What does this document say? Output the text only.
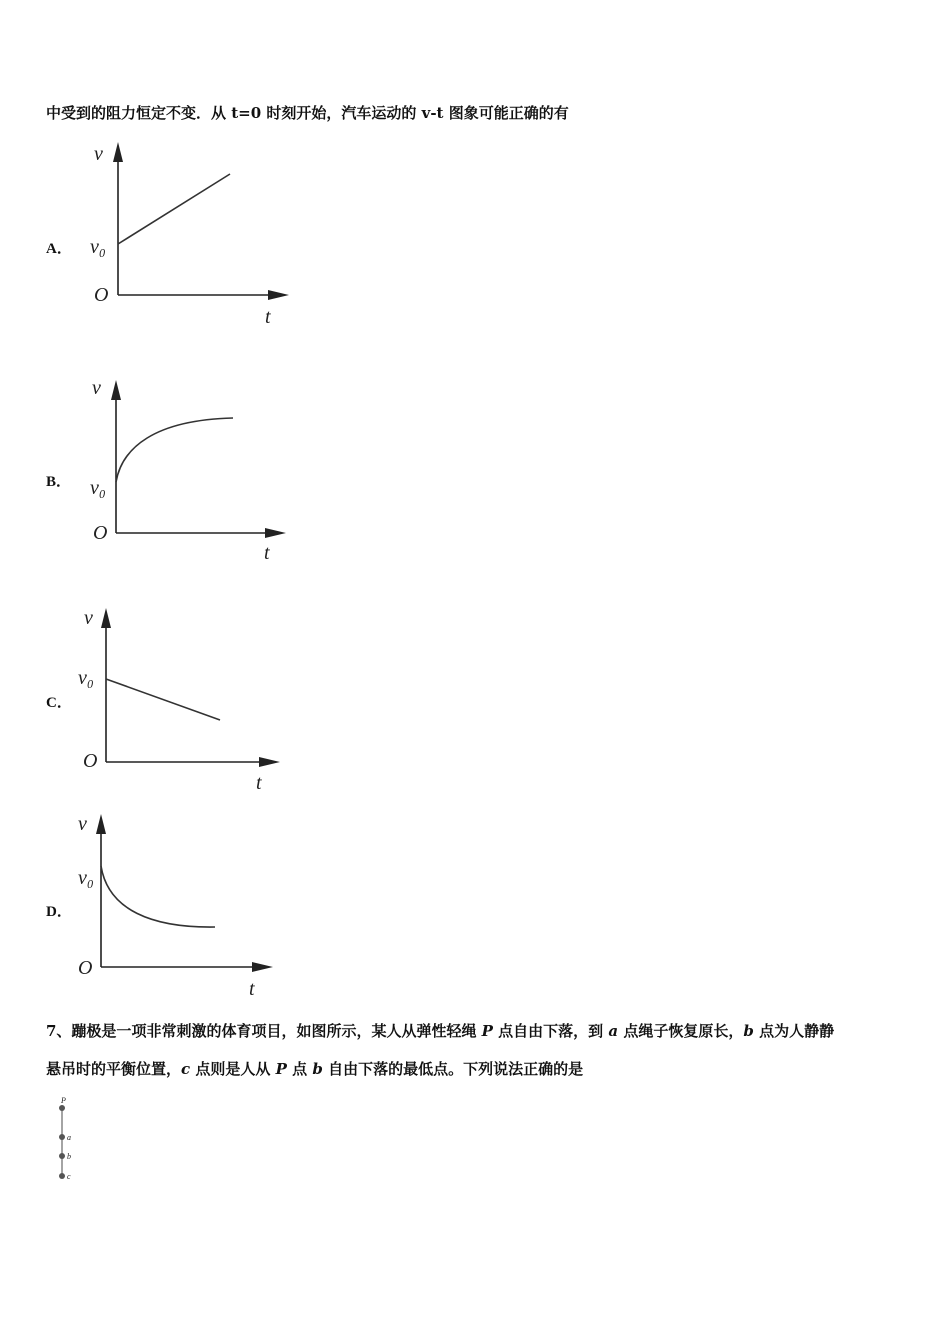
中受到的阻力恒定不变．从 t=0 时刻开始，汽车运动的 v-t 图象可能正确的有
A．
v
v₀
O
t
B．
v
v₀
O
t
C．
v
v₀
O
t
D．
v
v₀
O
t
7、蹦极是一项非常刺激的体育项目，如图所示，某人从弹性轻绳 P 点自由下落，到 a 点绳子恢复原长，b 点为人静静
悬吊时的平衡位置，c 点则是人从 P 点 b 自由下落的最低点。下列说法正确的是
P
a
b
c
